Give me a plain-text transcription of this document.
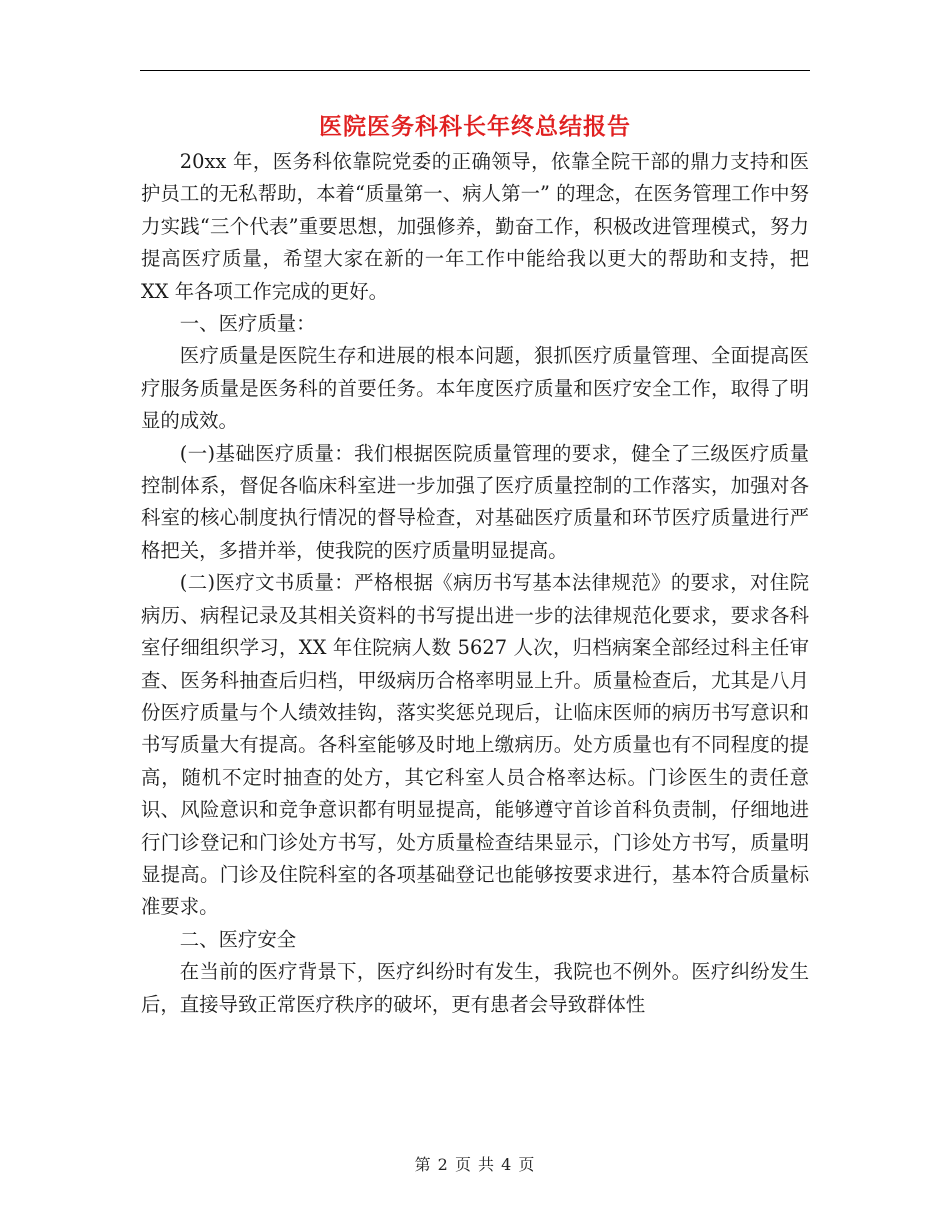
医院医务科科长年终总结报告

20xx 年，医务科依靠院党委的正确领导，依靠全院干部的鼎力支持和医护员工的无私帮助，本着“质量第一、病人第一” 的理念，在医务管理工作中努力实践“三个代表”重要思想，加强修养，勤奋工作，积极改进管理模式，努力提高医疗质量，希望大家在新的一年工作中能给我以更大的帮助和支持，把 XX 年各项工作完成的更好。

一、医疗质量：

医疗质量是医院生存和进展的根本问题，狠抓医疗质量管理、全面提高医疗服务质量是医务科的首要任务。本年度医疗质量和医疗安全工作，取得了明显的成效。

(一)基础医疗质量：我们根据医院质量管理的要求，健全了三级医疗质量控制体系，督促各临床科室进一步加强了医疗质量控制的工作落实，加强对各科室的核心制度执行情况的督导检查，对基础医疗质量和环节医疗质量进行严格把关，多措并举，使我院的医疗质量明显提高。

(二)医疗文书质量：严格根据《病历书写基本法律规范》的要求，对住院病历、病程记录及其相关资料的书写提出进一步的法律规范化要求，要求各科室仔细组织学习，XX 年住院病人数 5627 人次，归档病案全部经过科主任审查、医务科抽查后归档，甲级病历合格率明显上升。质量检查后，尤其是八月份医疗质量与个人绩效挂钩，落实奖惩兑现后，让临床医师的病历书写意识和书写质量大有提高。各科室能够及时地上缴病历。处方质量也有不同程度的提高，随机不定时抽查的处方，其它科室人员合格率达标。门诊医生的责任意识、风险意识和竞争意识都有明显提高，能够遵守首诊首科负责制，仔细地进行门诊登记和门诊处方书写，处方质量检查结果显示，门诊处方书写，质量明显提高。门诊及住院科室的各项基础登记也能够按要求进行，基本符合质量标准要求。

二、医疗安全

在当前的医疗背景下，医疗纠纷时有发生，我院也不例外。医疗纠纷发生后，直接导致正常医疗秩序的破坏，更有患者会导致群体性

第 2 页 共 4 页
